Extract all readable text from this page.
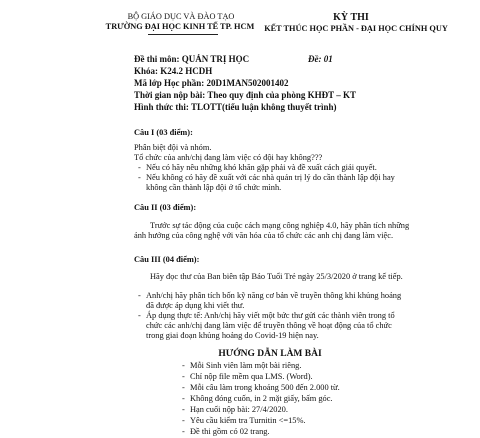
BỘ GIÁO DỤC VÀ ĐÀO TẠO
TRƯỜNG ĐẠI HỌC KINH TẾ TP. HCM
KỲ THI
KẾT THÚC HỌC PHẦN - ĐẠI HỌC CHÍNH QUY
Đề thi môn: QUẢN TRỊ HỌC	Đề: 01
Khóa: K24.2 HCDH
Mã lớp Học phần: 20D1MAN502001402
Thời gian nộp bài: Theo quy định của phòng KHĐT – KT
Hình thức thi: TLOTT(tiểu luận không thuyết trình)
Câu I (03 điểm):
Phân biệt đội và nhóm.
Tổ chức của anh/chị đang làm việc có đội hay không???
- Nếu có hãy nêu những khó khăn gặp phải và đề xuất cách giải quyết.
- Nếu không có hãy đề xuất với các nhà quản trị lý do cần thành lập đội hay
không cần thành lập đội ở tổ chức mình.
Câu II (03 điểm):
Trước sự tác động của cuộc cách mạng công nghiệp 4.0, hãy phân tích những
ảnh hưởng của công nghệ với văn hóa của tổ chức các anh chị đang làm việc.
Câu III (04 điểm):
Hãy đọc thư của Ban biên tập Báo Tuổi Trẻ ngày 25/3/2020 ở trang kế tiếp.
- Anh/chị hãy phân tích bốn kỹ năng cơ bản về truyền thông khi khủng hoảng
đã được áp dụng khi viết thư.
- Áp dụng thực tế: Anh/chị hãy viết một bức thư gửi các thành viên trong tổ
chức các anh/chị đang làm việc để truyền thông về hoạt động của tổ chức
trong giai đoạn khủng hoảng do Covid-19 hiện nay.
HƯỚNG DẪN LÀM BÀI
- Mỗi Sinh viên làm một bài riêng.
- Chỉ nộp file mềm qua LMS. (Word).
- Mỗi câu làm trong khoảng 500 đến 2.000 từ.
- Không đóng cuốn, in 2 mặt giấy, bấm góc.
- Hạn cuối nộp bài: 27/4/2020.
- Yêu cầu kiểm tra Turnitin <=15%.
- Đề thi gồm có 02 trang.
